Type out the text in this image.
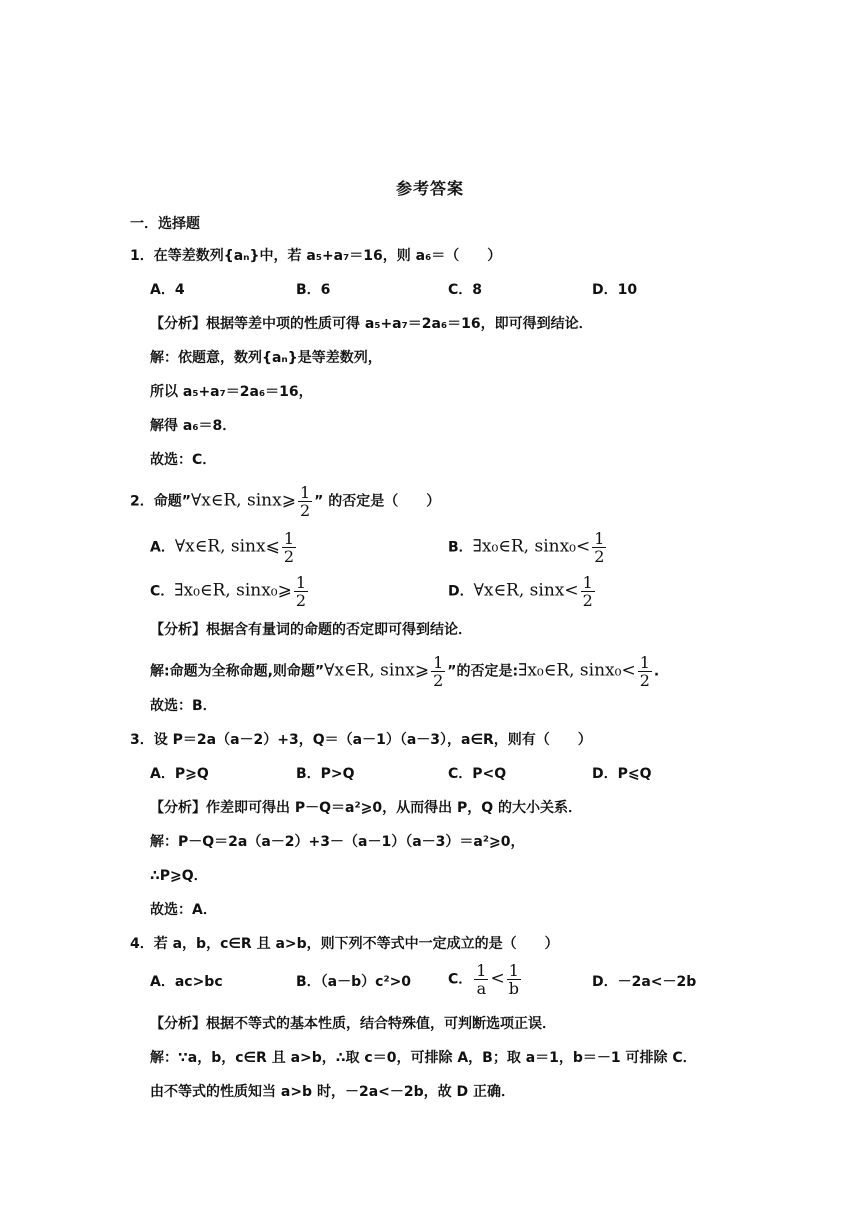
参考答案
一．选择题
1．在等差数列{aₙ}中，若 a₅+a₇＝16，则 a₆＝（　　）
A．4	B．6	C．8	D．10
【分析】根据等差中项的性质可得 a₅+a₇＝2a₆＝16，即可得到结论．
解：依题意，数列{aₙ}是等差数列，
所以 a₅+a₇＝2a₆＝16，
解得 a₆＝8．
故选：C．
2．命题”∀x∈R, sinx⩾ $\frac{1}{2}$ ” 的否定是（　　）
A．∀x∈R, sinx⩽ $\frac{1}{2}$	B．∃x₀∈R, $\sin x_0< \frac{1}{2}$
C．∃x₀∈R, sinx₀⩾ $\frac{1}{2}$	D．∀x∈R, $\sin x< \frac{1}{2}$
【分析】根据含有量词的命题的否定即可得到结论．
解:命题为全称命题,则命题”∀x∈R, sinx⩾ $\frac{1}{2}$ ”的否定是:∃x₀∈R, $\sin x_0< \frac{1}{2}$ .
故选：B．
3．设 P＝2a（a－2）+3，Q＝（a－1）（a－3），a∈R，则有（　　）
A．P⩾Q	B．P>Q	C．P<Q	D．P⩽Q
【分析】作差即可得出 P－Q＝a²⩾0，从而得出 P，Q 的大小关系．
解：P－Q＝2a（a－2）+3－（a－1）（a－3）＝a²⩾0，
∴P⩾Q．
故选：A．
4．若 a，b，c∈R 且 a>b，则下列不等式中一定成立的是（　　）
A．ac>bc	B．（a－b）c²>0	C． $\frac{1}{a} < \frac{1}{b}$	D．－2a<－2b
【分析】根据不等式的基本性质，结合特殊值，可判断选项正误．
解：∵a，b，c∈R 且 a>b，∴取 c＝0，可排除 A，B；取 a＝1，b＝－1 可排除 C．
由不等式的性质知当 a>b 时，－2a<－2b，故 D 正确．
